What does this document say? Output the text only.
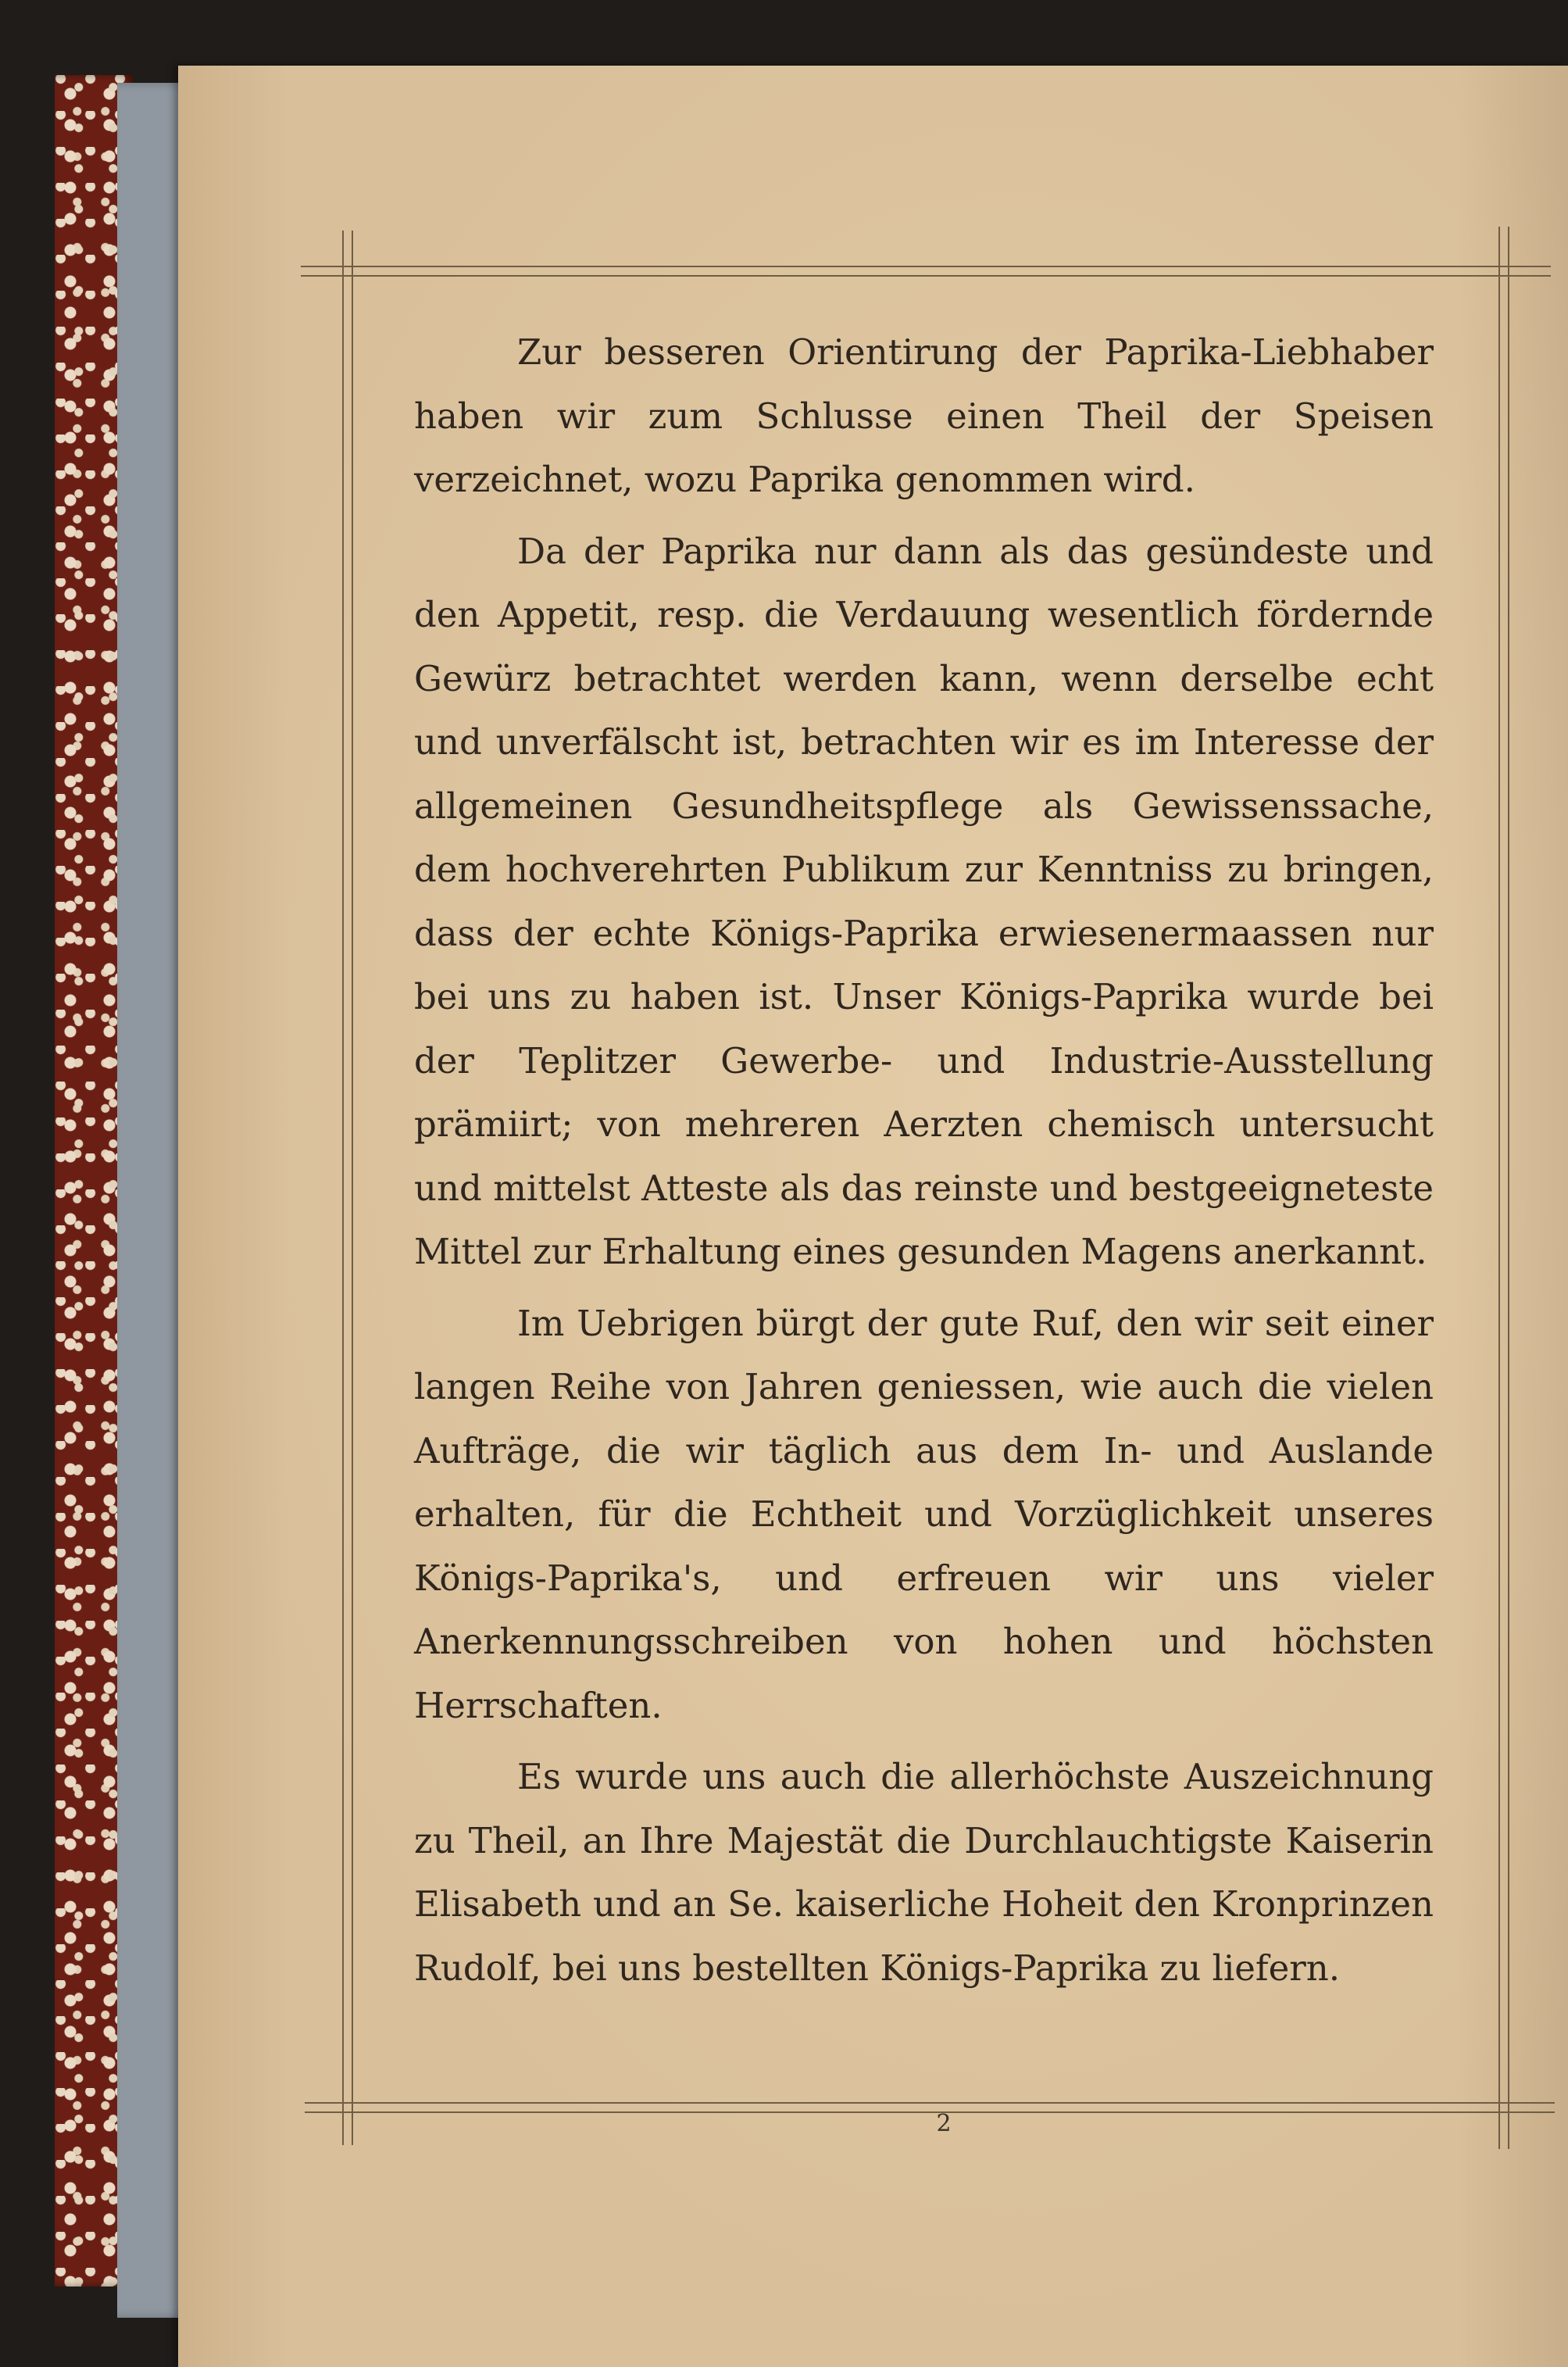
Zur besseren Orientirung der Paprika-Liebhaber haben wir zum Schlusse einen Theil der Speisen verzeichnet, wozu Paprika genommen wird.

Da der Paprika nur dann als das gesündeste und den Appetit, resp. die Verdauung wesentlich fördernde Gewürz betrachtet werden kann, wenn derselbe echt und unverfälscht ist, betrachten wir es im Interesse der allgemeinen Gesundheitspflege als Gewissenssache, dem hochverehrten Publikum zur Kenntniss zu bringen, dass der echte Königs-Paprika erwiesenermaassen nur bei uns zu haben ist. Unser Königs-Paprika wurde bei der Teplitzer Gewerbe- und Industrie-Ausstellung prämiirt; von mehreren Aerzten chemisch untersucht und mittelst Atteste als das reinste und bestgeeigneteste Mittel zur Erhaltung eines gesunden Magens anerkannt.

Im Uebrigen bürgt der gute Ruf, den wir seit einer langen Reihe von Jahren geniessen, wie auch die vielen Aufträge, die wir täglich aus dem In- und Auslande erhalten, für die Echtheit und Vorzüglichkeit unseres Königs-Paprika's, und erfreuen wir uns vieler Anerkennungsschreiben von hohen und höchsten Herrschaften.

Es wurde uns auch die allerhöchste Auszeichnung zu Theil, an Ihre Majestät die Durchlauchtigste Kaiserin Elisabeth und an Se. kaiserliche Hoheit den Kronprinzen Rudolf, bei uns bestellten Königs-Paprika zu liefern.

2
